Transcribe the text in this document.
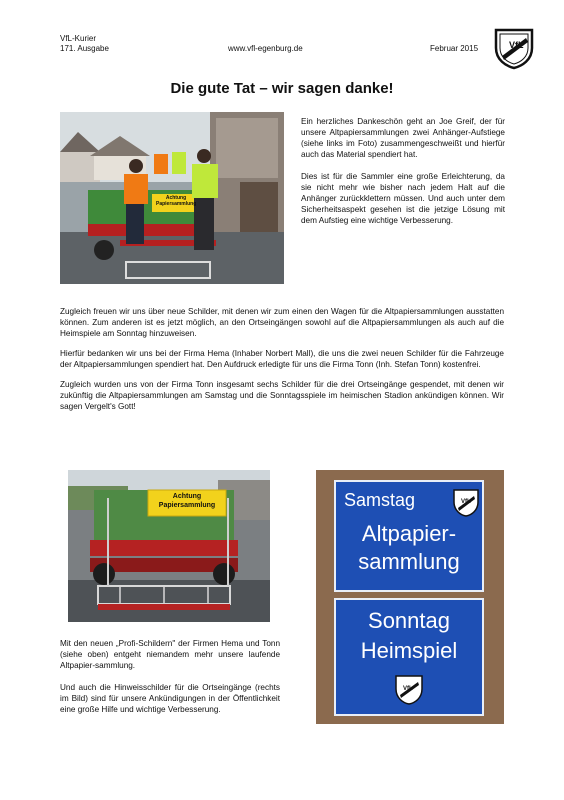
VfL-Kurier
171. Ausgabe	www.vfl-egenburg.de	Februar 2015	VfL
Die gute Tat – wir sagen danke!
Achtung
Papiersammlung

Ein herzliches Dankeschön geht an Joe Greif, der für unsere Altpapiersammlungen zwei Anhänger-Aufstiege (siehe links im Foto) zusammengeschweißt und hierfür auch das Material spendiert hat.

Dies ist für die Sammler eine große Erleichterung, da sie nicht mehr wie bisher nach jedem Halt auf die Anhänger zurückklettern müssen. Und auch unter dem Sicherheitsaspekt gesehen ist die jetzige Lösung mit dem Aufstieg eine wichtige Verbesserung.

Zugleich freuen wir uns über neue Schilder, mit denen wir zum einen den Wagen für die Altpapiersammlungen ausstatten können. Zum anderen ist es jetzt möglich, an den Ortseingängen sowohl auf die Altpapiersammlungen als auch auf die Heimspiele am Sonntag hinzuweisen.

Hierfür bedanken wir uns bei der Firma Hema (Inhaber Norbert Mall), die uns die zwei neuen Schilder für die Fahrzeuge der Altpapiersammlungen spendiert hat. Den Aufdruck erledigte für uns die Firma Tonn (Inh. Stefan Tonn) kostenfrei.

Zugleich wurden uns von der Firma Tonn insgesamt sechs Schilder für die drei Ortseingänge gespendet, mit denen wir zukünftig die Altpapiersammlungen am Samstag und die Sonntagsspiele im heimischen Stadion ankündigen können. Wir sagen Vergelt's Gott!

Achtung
Papiersammlung

Mit den neuen „Profi-Schildern" der Firmen Hema und Tonn (siehe oben) entgeht niemandem mehr unsere laufende Altpapier-sammlung.

Und auch die Hinweisschilder für die Ortseingänge (rechts im Bild) sind für unsere Ankündigungen in der Öffentlichkeit eine große Hilfe und wichtige Verbesserung.

Samstag	VfL
Altpapier-
sammlung
Sonntag
Heimspiel
VfL
